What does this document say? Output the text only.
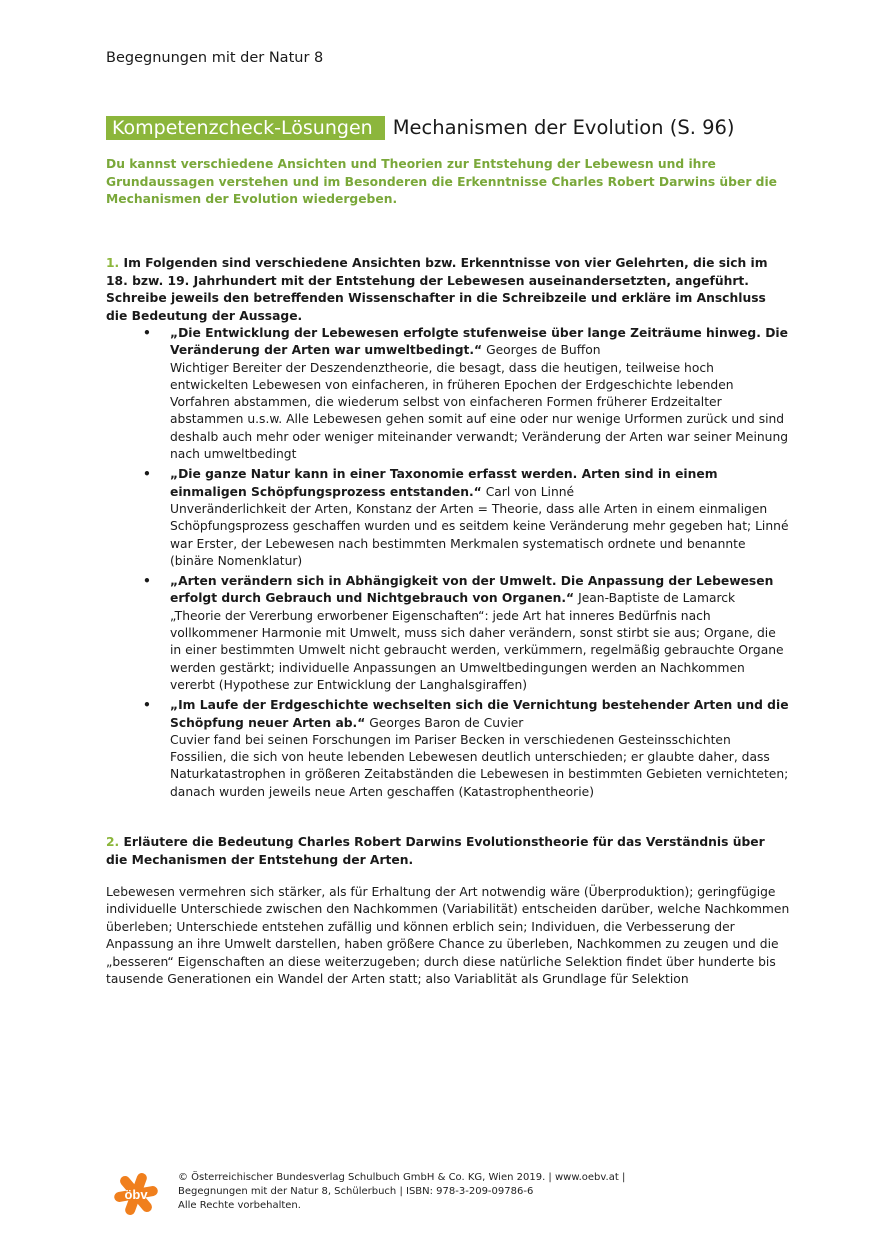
Begegnungen mit der Natur 8
Kompetenzcheck-Lösungen	Mechanismen der Evolution (S. 96)
Du kannst verschiedene Ansichten und Theorien zur Entstehung der Lebewesn und ihre Grundaussagen verstehen und im Besonderen die Erkenntnisse Charles Robert Darwins über die Mechanismen der Evolution wiedergeben.
1. Im Folgenden sind verschiedene Ansichten bzw. Erkenntnisse von vier Gelehrten, die sich im 18. bzw. 19. Jahrhundert mit der Entstehung der Lebewesen auseinandersetzten, angeführt. Schreibe jeweils den betreffenden Wissenschafter in die Schreibzeile und erkläre im Anschluss die Bedeutung der Aussage.
• „Die Entwicklung der Lebewesen erfolgte stufenweise über lange Zeiträume hinweg. Die Veränderung der Arten war umweltbedingt.“ Georges de Buffon
Wichtiger Bereiter der Deszendenztheorie, die besagt, dass die heutigen, teilweise hoch entwickelten Lebewesen von einfacheren, in früheren Epochen der Erdgeschichte lebenden Vorfahren abstammen, die wiederum selbst von einfacheren Formen früherer Erdzeitalter abstammen u.s.w. Alle Lebewesen gehen somit auf eine oder nur wenige Urformen zurück und sind deshalb auch mehr oder weniger miteinander verwandt; Veränderung der Arten war seiner Meinung nach umweltbedingt
• „Die ganze Natur kann in einer Taxonomie erfasst werden. Arten sind in einem einmaligen Schöpfungsprozess entstanden.“ Carl von Linné
Unveränderlichkeit der Arten, Konstanz der Arten = Theorie, dass alle Arten in einem einmaligen Schöpfungsprozess geschaffen wurden und es seitdem keine Veränderung mehr gegeben hat; Linné war Erster, der Lebewesen nach bestimmten Merkmalen systematisch ordnete und benannte (binäre Nomenklatur)
• „Arten verändern sich in Abhängigkeit von der Umwelt. Die Anpassung der Lebewesen erfolgt durch Gebrauch und Nichtgebrauch von Organen.“ Jean-Baptiste de Lamarck
„Theorie der Vererbung erworbener Eigenschaften“: jede Art hat inneres Bedürfnis nach vollkommener Harmonie mit Umwelt, muss sich daher verändern, sonst stirbt sie aus; Organe, die in einer bestimmten Umwelt nicht gebraucht werden, verkümmern, regelmäßig gebrauchte Organe werden gestärkt; individuelle Anpassungen an Umweltbedingungen werden an Nachkommen vererbt (Hypothese zur Entwicklung der Langhalsgiraffen)
• „Im Laufe der Erdgeschichte wechselten sich die Vernichtung bestehender Arten und die Schöpfung neuer Arten ab.“ Georges Baron de Cuvier
Cuvier fand bei seinen Forschungen im Pariser Becken in verschiedenen Gesteinsschichten Fossilien, die sich von heute lebenden Lebewesen deutlich unterschieden; er glaubte daher, dass Naturkatastrophen in größeren Zeitabständen die Lebewesen in bestimmten Gebieten vernichteten; danach wurden jeweils neue Arten geschaffen (Katastrophentheorie)
2. Erläutere die Bedeutung Charles Robert Darwins Evolutionstheorie für das Verständnis über die Mechanismen der Entstehung der Arten.
Lebewesen vermehren sich stärker, als für Erhaltung der Art notwendig wäre (Überproduktion); geringfügige individuelle Unterschiede zwischen den Nachkommen (Variabilität) entscheiden darüber, welche Nachkommen überleben; Unterschiede entstehen zufällig und können erblich sein; Individuen, die Verbesserung der Anpassung an ihre Umwelt darstellen, haben größere Chance zu überleben, Nachkommen zu zeugen und die „besseren“ Eigenschaften an diese weiterzugeben; durch diese natürliche Selektion findet über hunderte bis tausende Generationen ein Wandel der Arten statt; also Variablität als Grundlage für Selektion
öbv
© Österreichischer Bundesverlag Schulbuch GmbH & Co. KG, Wien 2019. | www.oebv.at |
Begegnungen mit der Natur 8, Schülerbuch | ISBN: 978-3-209-09786-6
Alle Rechte vorbehalten.
